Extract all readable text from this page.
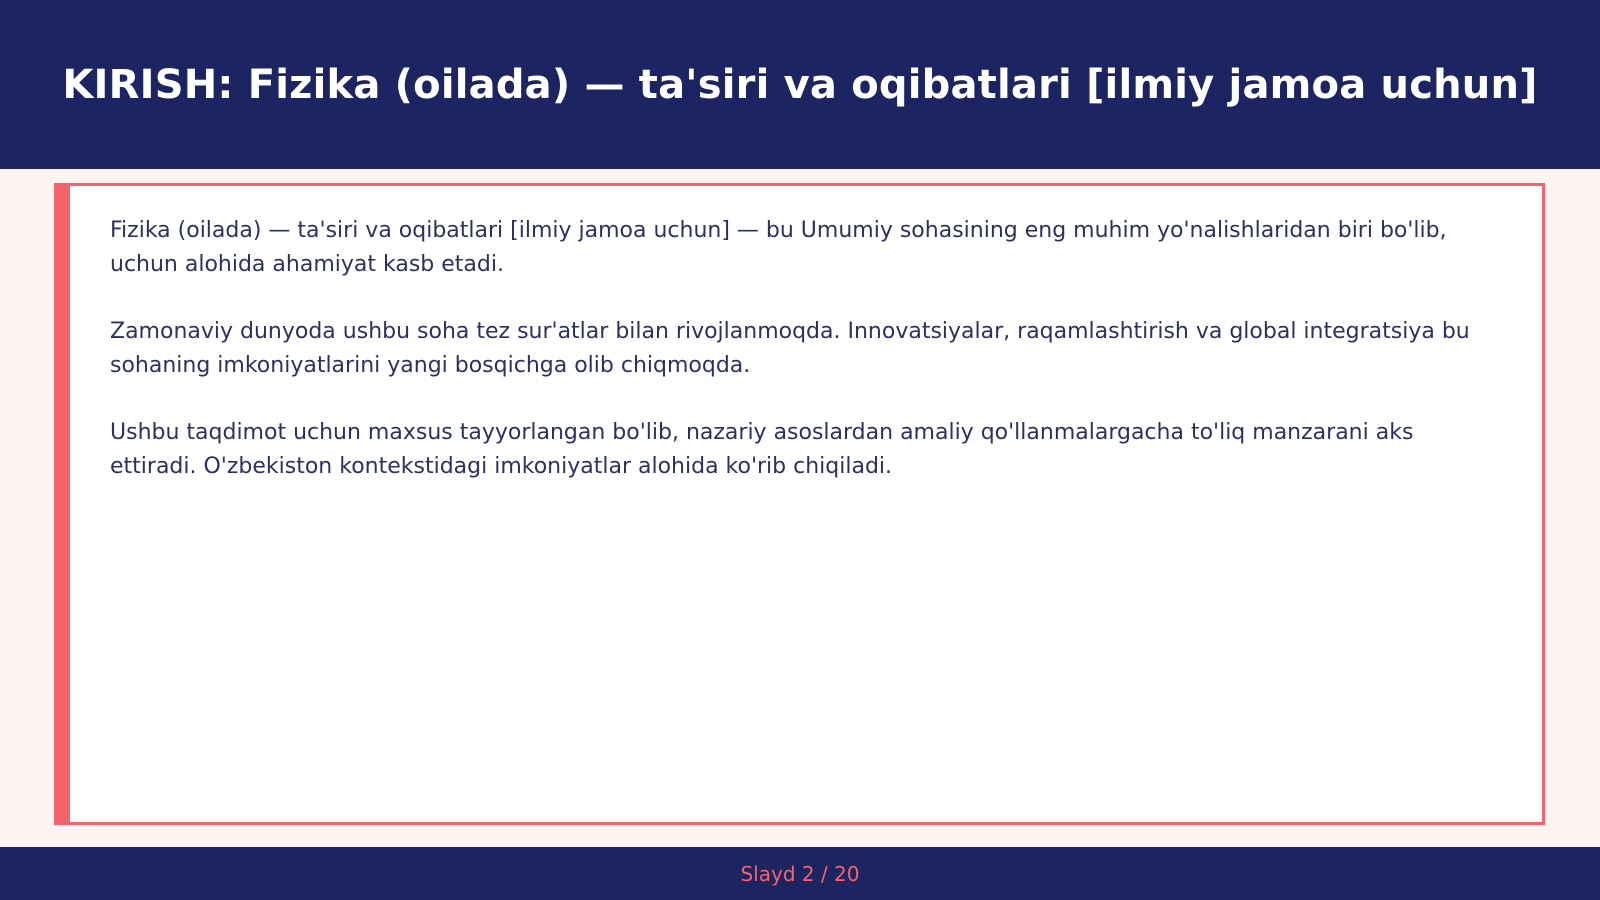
KIRISH: Fizika (oilada) — ta'siri va oqibatlari [ilmiy jamoa uchun]

Fizika (oilada) — ta'siri va oqibatlari [ilmiy jamoa uchun] — bu Umumiy sohasining eng muhim yo'nalishlaridan biri bo'lib, uchun alohida ahamiyat kasb etadi.

Zamonaviy dunyoda ushbu soha tez sur'atlar bilan rivojlanmoqda. Innovatsiyalar, raqamlashtirish va global integratsiya bu sohaning imkoniyatlarini yangi bosqichga olib chiqmoqda.

Ushbu taqdimot uchun maxsus tayyorlangan bo'lib, nazariy asoslardan amaliy qo'llanmalargacha to'liq manzarani aks ettiradi. O'zbekiston kontekstidagi imkoniyatlar alohida ko'rib chiqiladi.

Slayd 2 / 20
